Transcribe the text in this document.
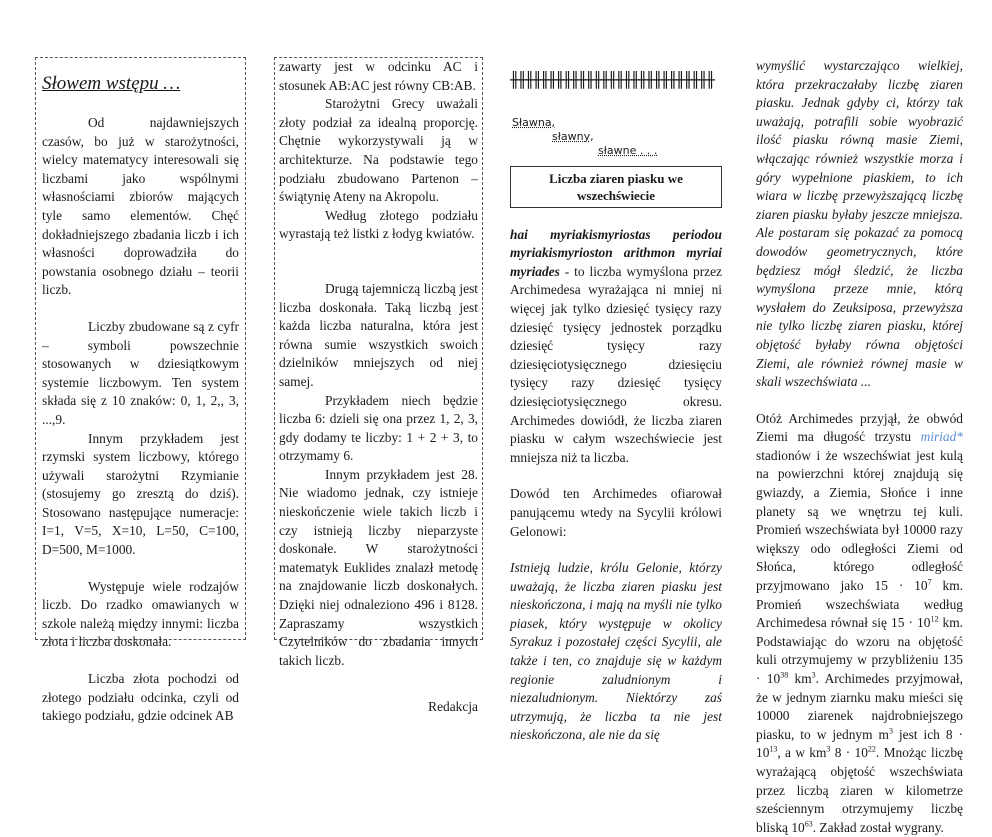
Słowem wstępu …

Od najdawniejszych czasów, bo już w starożytności, wielcy matematycy interesowali się liczbami jako wspólnymi własnościami zbiorów mających tyle samo elementów. Chęć dokładniejszego zbadania liczb i ich własności doprowadziła do powstania osobnego działu – teorii liczb.

Liczby zbudowane są z cyfr – symboli powszechnie stosowanych w dziesiątkowym systemie liczbowym. Ten system składa się z 10 znaków: 0, 1, 2,, 3, ...,9.

Innym przykładem jest rzymski system liczbowy, którego używali starożytni Rzymianie (stosujemy go zresztą do dziś). Stosowano następujące numeracje: I=1, V=5, X=10, L=50, C=100, D=500, M=1000.

Występuje wiele rodzajów liczb. Do rzadko omawianych w szkole należą między innymi: liczba złota i liczba doskonała.

Liczba złota pochodzi od złotego podziału odcinka, czyli od takiego podziału, gdzie odcinek AB

zawarty jest w odcinku AC i stosunek AB:AC jest równy CB:AB.

Starożytni Grecy uważali złoty podział za idealną proporcję. Chętnie wykorzystywali ją w architekturze. Na podstawie tego podziału zbudowano Partenon – świątynię Ateny na Akropolu.

Według złotego podziału wyrastają też listki z łodyg kwiatów.

Drugą tajemniczą liczbą jest liczba doskonała. Taką liczbą jest każda liczba naturalna, która jest równa sumie wszystkich swoich dzielników mniejszych od niej samej.

Przykładem niech będzie liczba 6: dzieli się ona przez 1, 2, 3, gdy dodamy te liczby: 1 + 2 + 3, to otrzymamy 6.

Innym przykładem jest 28. Nie wiadomo jednak, czy istnieje nieskończenie wiele takich liczb i czy istnieją liczby nieparzyste doskonałe. W starożytności matematyk Euklides znalazł metodę na znajdowanie liczb doskonałych. Dzięki niej odnaleziono 496 i 8128. Zapraszamy wszystkich Czytelników do zbadania innych takich liczb.

Redakcja

╫╫╫╫╫╫╫╫╫╫╫╫╫╫╫╫╫╫╫╫╫╫╫╫╫╫╫
Sławna,
sławny,
sławne . . .
Liczba ziaren piasku we wszechświecie

hai myriakismyriostas periodou myriakismyrioston arithmon myriai myriades - to liczba wymyślona przez Archimedesa wyrażająca ni mniej ni więcej jak tylko dziesięć tysięcy razy dziesięć tysięcy jednostek porządku dziesięć tysięcy razy dziesięciotysięcznego dziesięciu tysięcy razy dziesięć tysięcy dziesięciotysięcznego okresu. Archimedes dowiódł, że liczba ziaren piasku w całym wszechświecie jest mniejsza niż ta liczba.

Dowód ten Archimedes ofiarował panującemu wtedy na Sycylii królowi Gelonowi:

Istnieją ludzie, królu Gelonie, którzy uważają, że liczba ziaren piasku jest nieskończona, i mają na myśli nie tylko piasek, który występuje w okolicy Syrakuz i pozostałej części Sycylii, ale także i ten, co znajduje się w każdym regionie zaludnionym i niezaludnionym. Niektórzy zaś utrzymują, że liczba ta nie jest nieskończona, ale nie da się

wymyślić wystarczająco wielkiej, która przekraczałaby liczbę ziaren piasku. Jednak gdyby ci, którzy tak uważają, potrafili sobie wyobrazić ilość piasku równą masie Ziemi, włączając również wszystkie morza i góry wypełnione piaskiem, to ich wiara w liczbę przewyższającą liczbę ziaren piasku byłaby jeszcze mniejsza. Ale postaram się pokazać za pomocą dowodów geometrycznych, które będziesz mógł śledzić, że liczba wymyślona przeze mnie, którą wysłałem do Zeuksiposa, przewyższa nie tylko liczbę ziaren piasku, której objętość byłaby równa objętości Ziemi, ale również równej masie w skali wszechświata ...

Otóż Archimedes przyjął, że obwód Ziemi ma długość trzystu miriad* stadionów i że wszechświat jest kulą na powierzchni której znajdują się gwiazdy, a Ziemia, Słońce i inne planety są we wnętrzu tej kuli. Promień wszechświata był 10000 razy większy odo odległości Ziemi od Słońca, którego odległość przyjmowano jako $15 \cdot 10^7$ km. Promień wszechświata według Archimedesa równał się $15 \cdot 10^{12}$ km. Podstawiając do wzoru na objętość kuli otrzymujemy w przybliżeniu $135 \cdot 10^{38}$ $km^3$. Archimedes przyjmował, że w jednym ziarnku maku mieści się 10000 ziarenek najdrobniejszego piasku, to w jednym $m^3$ jest ich $8 \cdot 10^{13}$, a w $km^3$ $8 \cdot 10^{22}$. Mnożąc liczbę wyrażającą objętość wszechświata przez liczbą ziaren w kilometrze sześciennym otrzymujemy liczbę bliską $10^{63}$. Zakład został wygrany.
